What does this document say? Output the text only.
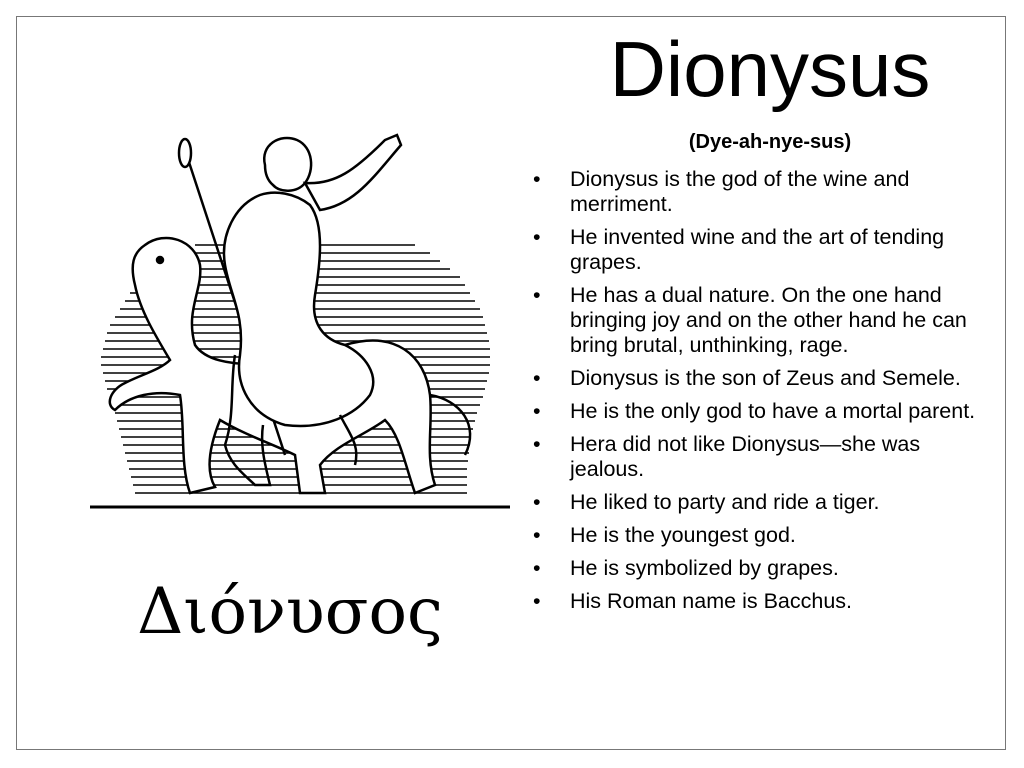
Dionysus
(Dye-ah-nye-sus)
• Dionysus is the god of the wine and merriment.
• He invented wine and the art of tending grapes.
• He has a dual nature. On the one hand bringing joy and on the other hand he can bring brutal, unthinking, rage.
• Dionysus is the son of Zeus and Semele.
• He is the only god to have a mortal parent.
• Hera did not like Dionysus—she was jealous.
• He liked to party and ride a tiger.
• He is the youngest god.
• He is symbolized by grapes.
• His Roman name is Bacchus.
Διόνυσος
